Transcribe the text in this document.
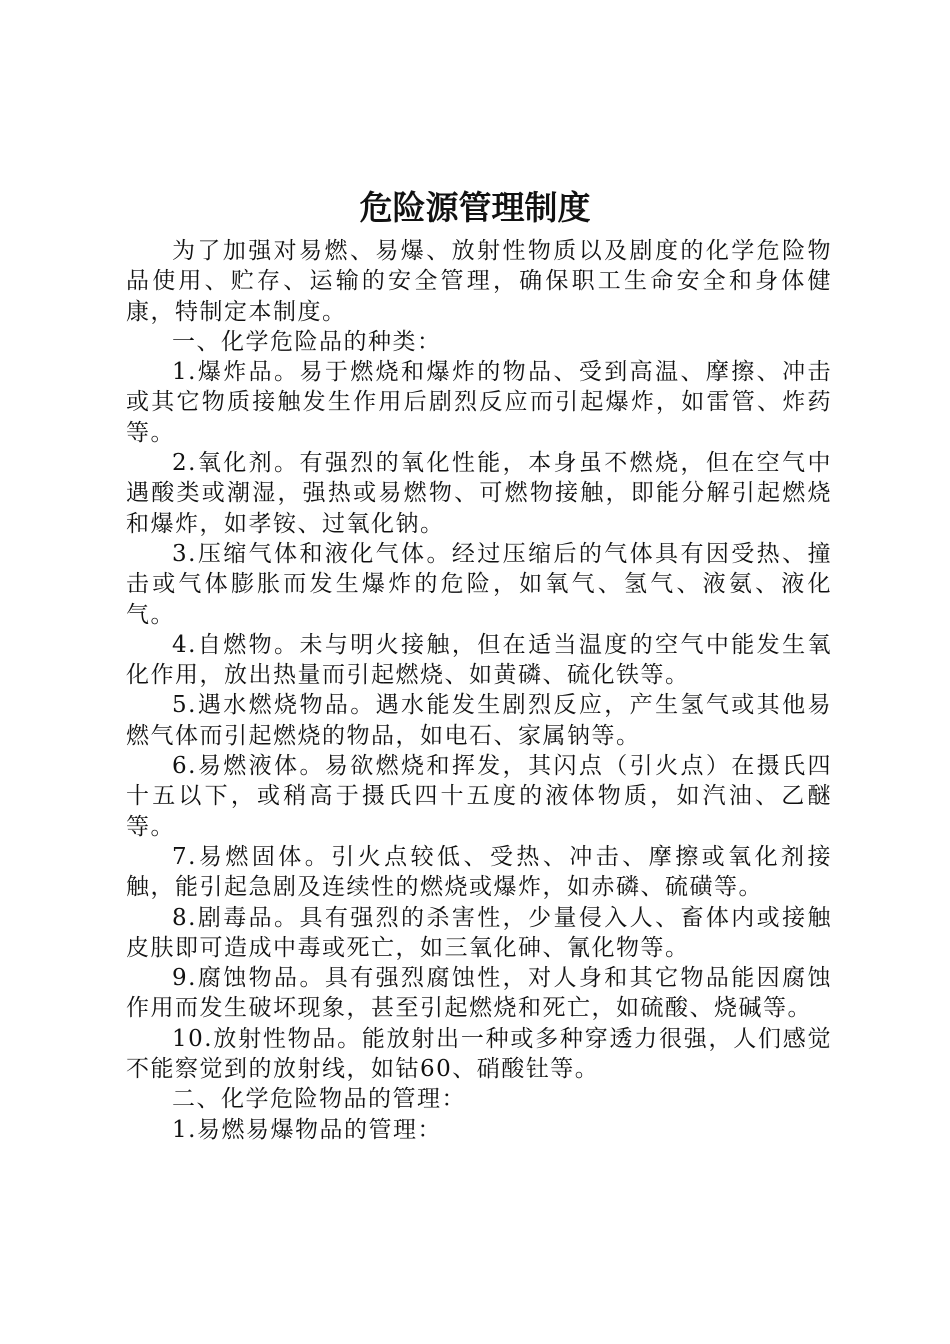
危险源管理制度

为了加强对易燃、易爆、放射性物质以及剧度的化学危险物品使用、贮存、运输的安全管理，确保职工生命安全和身体健康，特制定本制度。

一、化学危险品的种类：

1.爆炸品。易于燃烧和爆炸的物品、受到高温、摩擦、冲击或其它物质接触发生作用后剧烈反应而引起爆炸，如雷管、炸药等。

2.氧化剂。有强烈的氧化性能，本身虽不燃烧，但在空气中遇酸类或潮湿，强热或易燃物、可燃物接触，即能分解引起燃烧和爆炸，如孝铵、过氧化钠。

3.压缩气体和液化气体。经过压缩后的气体具有因受热、撞击或气体膨胀而发生爆炸的危险，如氧气、氢气、液氨、液化气。

4.自燃物。未与明火接触，但在适当温度的空气中能发生氧化作用，放出热量而引起燃烧、如黄磷、硫化铁等。

5.遇水燃烧物品。遇水能发生剧烈反应，产生氢气或其他易燃气体而引起燃烧的物品，如电石、家属钠等。

6.易燃液体。易欲燃烧和挥发，其闪点（引火点）在摄氏四十五以下，或稍高于摄氏四十五度的液体物质，如汽油、乙醚等。

7.易燃固体。引火点较低、受热、冲击、摩擦或氧化剂接触，能引起急剧及连续性的燃烧或爆炸，如赤磷、硫磺等。

8.剧毒品。具有强烈的杀害性，少量侵入人、畜体内或接触皮肤即可造成中毒或死亡，如三氧化砷、氰化物等。

9.腐蚀物品。具有强烈腐蚀性，对人身和其它物品能因腐蚀作用而发生破坏现象，甚至引起燃烧和死亡，如硫酸、烧碱等。

10.放射性物品。能放射出一种或多种穿透力很强，人们感觉不能察觉到的放射线，如钴60、硝酸钍等。

二、化学危险物品的管理：

1.易燃易爆物品的管理：
